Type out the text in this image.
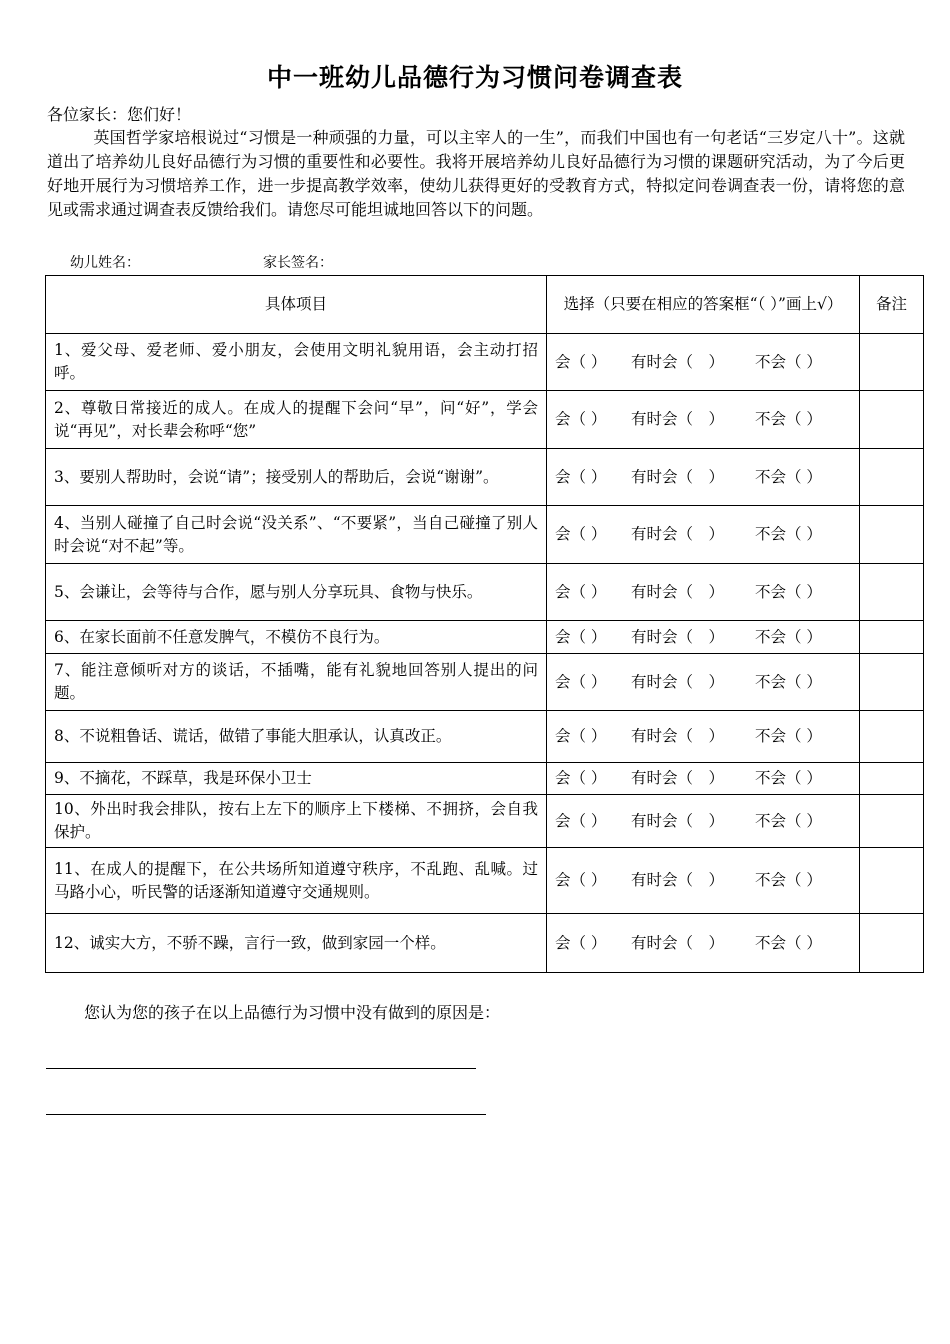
中一班幼儿品德行为习惯问卷调查表
各位家长：您们好！

英国哲学家培根说过“习惯是一种顽强的力量，可以主宰人的一生”，而我们中国也有一句老话“三岁定八十”。这就道出了培养幼儿良好品德行为习惯的重要性和必要性。我将开展培养幼儿良好品德行为习惯的课题研究活动，为了今后更好地开展行为习惯培养工作，进一步提高教学效率，使幼儿获得更好的受教育方式，特拟定问卷调查表一份，请将您的意见或需求通过调查表反馈给我们。请您尽可能坦诚地回答以下的问题。

幼儿姓名：	家长签名：
具体项目	选择（只要在相应的答案框“（ ）”画上√）	备注
1、爱父母、爱老师、爱小朋友，会使用文明礼貌用语，会主动打招呼。	会（ ） 有时会（　） 不会（ ）	
2、尊敬日常接近的成人。在成人的提醒下会问“早”，问“好”，学会说“再见”，对长辈会称呼“您”	会（ ） 有时会（　） 不会（ ）	
3、要别人帮助时，会说“请”；接受别人的帮助后，会说“谢谢”。	会（ ） 有时会（　） 不会（ ）	
4、当别人碰撞了自己时会说“没关系”、“不要紧”，当自己碰撞了别人时会说“对不起”等。	会（ ） 有时会（　） 不会（ ）	
5、会谦让，会等待与合作，愿与别人分享玩具、食物与快乐。	会（ ） 有时会（　） 不会（ ）	
6、在家长面前不任意发脾气，不模仿不良行为。	会（ ） 有时会（　） 不会（ ）	
7、能注意倾听对方的谈话，不插嘴，能有礼貌地回答别人提出的问题。	会（ ） 有时会（　） 不会（ ）	
8、不说粗鲁话、谎话，做错了事能大胆承认，认真改正。	会（ ） 有时会（　） 不会（ ）	
9、不摘花，不踩草，我是环保小卫士	会（ ） 有时会（　） 不会（ ）	
10、外出时我会排队，按右上左下的顺序上下楼梯、不拥挤，会自我保护。	会（ ） 有时会（　） 不会（ ）	
11、在成人的提醒下，在公共场所知道遵守秩序，不乱跑、乱喊。过马路小心，听民警的话逐渐知道遵守交通规则。	会（ ） 有时会（　） 不会（ ）	
12、诚实大方，不骄不躁，言行一致，做到家园一个样。	会（ ） 有时会（　） 不会（ ）	
您认为您的孩子在以上品德行为习惯中没有做到的原因是：
